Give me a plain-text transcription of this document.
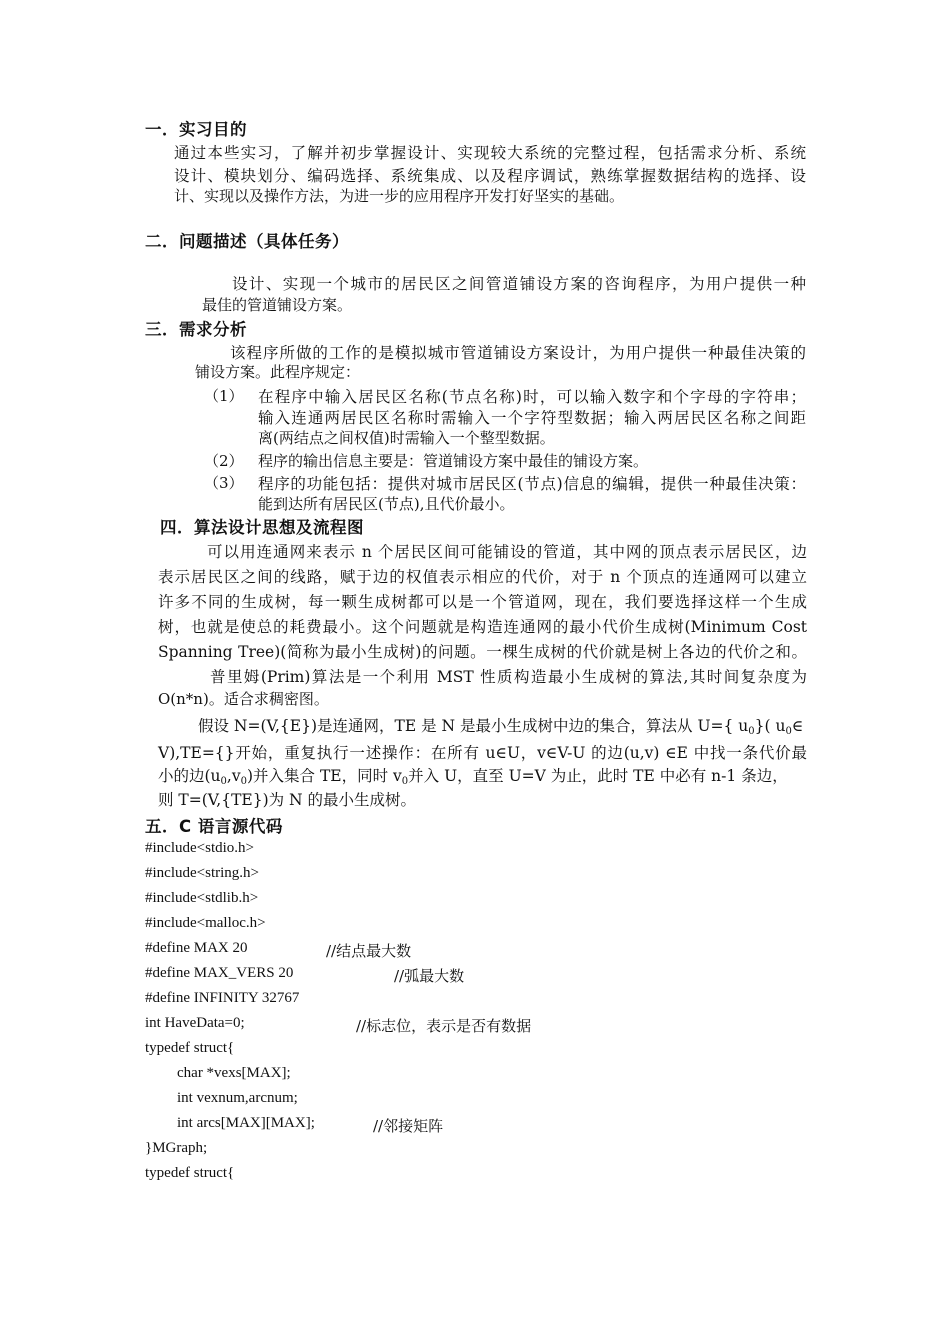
一．实习目的
通过本些实习，了解并初步掌握设计、实现较大系统的完整过程，包括需求分析、系统
设计、模块划分、编码选择、系统集成、以及程序调试，熟练掌握数据结构的选择、设
计、实现以及操作方法，为进一步的应用程序开发打好坚实的基础。
二．问题描述（具体任务）
设计、实现一个城市的居民区之间管道铺设方案的咨询程序，为用户提供一种
最佳的管道铺设方案。
三．需求分析
该程序所做的工作的是模拟城市管道铺设方案设计，为用户提供一种最佳决策的
铺设方案。此程序规定：
（1） 在程序中输入居民区名称(节点名称)时，可以输入数字和个字母的字符串；
输入连通两居民区名称时需输入一个字符型数据；输入两居民区名称之间距
离(两结点之间权值)时需输入一个整型数据。
（2） 程序的输出信息主要是：管道铺设方案中最佳的铺设方案。
（3） 程序的功能包括：提供对城市居民区(节点)信息的编辑，提供一种最佳决策：
能到达所有居民区(节点),且代价最小。
四．算法设计思想及流程图
可以用连通网来表示 n 个居民区间可能铺设的管道，其中网的顶点表示居民区，边
表示居民区之间的线路，赋于边的权值表示相应的代价，对于 n 个顶点的连通网可以建立
许多不同的生成树，每一颗生成树都可以是一个管道网，现在，我们要选择这样一个生成
树，也就是使总的耗费最小。这个问题就是构造连通网的最小代价生成树(Minimum Cost
Spanning Tree)(简称为最小生成树)的问题。一棵生成树的代价就是树上各边的代价之和。
普里姆(Prim)算法是一个利用 MST 性质构造最小生成树的算法,其时间复杂度为
O(n*n)。适合求稠密图。
假设 N=(V,{E})是连通网，TE 是 N 是最小生成树中边的集合，算法从 U={ $u_0$}( $u_0\in$
V),TE={}开始，重复执行一述操作：在所有 u∈U，v∈V-U 的边(u,v) ∈E 中找一条代价最
小的边$(u_0,v_0)$并入集合 TE，同时 $v_0$并入 U，直至 U=V 为止，此时 TE 中必有 n-1 条边，
则 T=(V,{TE})为 N 的最小生成树。
五．C 语言源代码
#include<stdio.h>
#include<string.h>
#include<stdlib.h>
#include<malloc.h>
#define MAX 20	//结点最大数
#define MAX_VERS 20	//弧最大数
#define INFINITY 32767
int HaveData=0;	//标志位，表示是否有数据
typedef struct{
char *vexs[MAX];
int vexnum,arcnum;
int arcs[MAX][MAX];	//邻接矩阵
}MGraph;
typedef struct{
